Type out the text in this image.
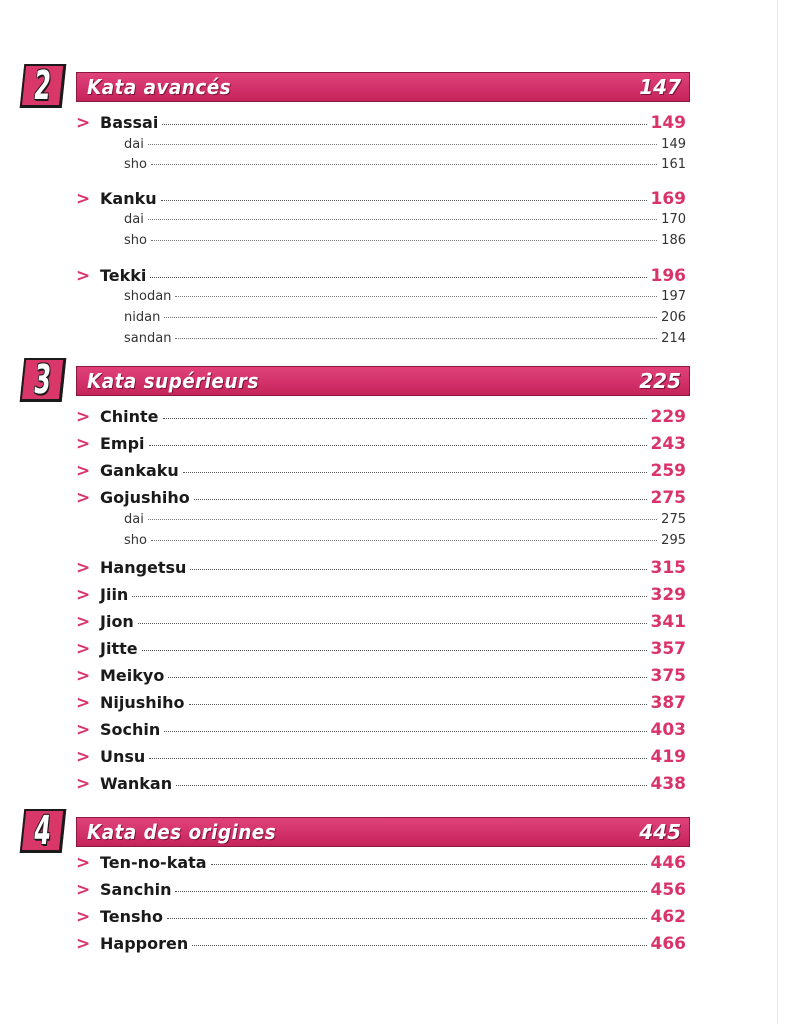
2 Kata avancés	147
> Bassai	149
dai	149
sho	161
> Kanku	169
dai	170
sho	186
> Tekki	196
shodan	197
nidan	206
sandan	214
3 Kata supérieurs	225
> Chinte	229
> Empi	243
> Gankaku	259
> Gojushiho	275
dai	275
sho	295
> Hangetsu	315
> Jiin	329
> Jion	341
> Jitte	357
> Meikyo	375
> Nijushiho	387
> Sochin	403
> Unsu	419
> Wankan	438
4 Kata des origines	445
> Ten-no-kata	446
> Sanchin	456
> Tensho	462
> Happoren	466
